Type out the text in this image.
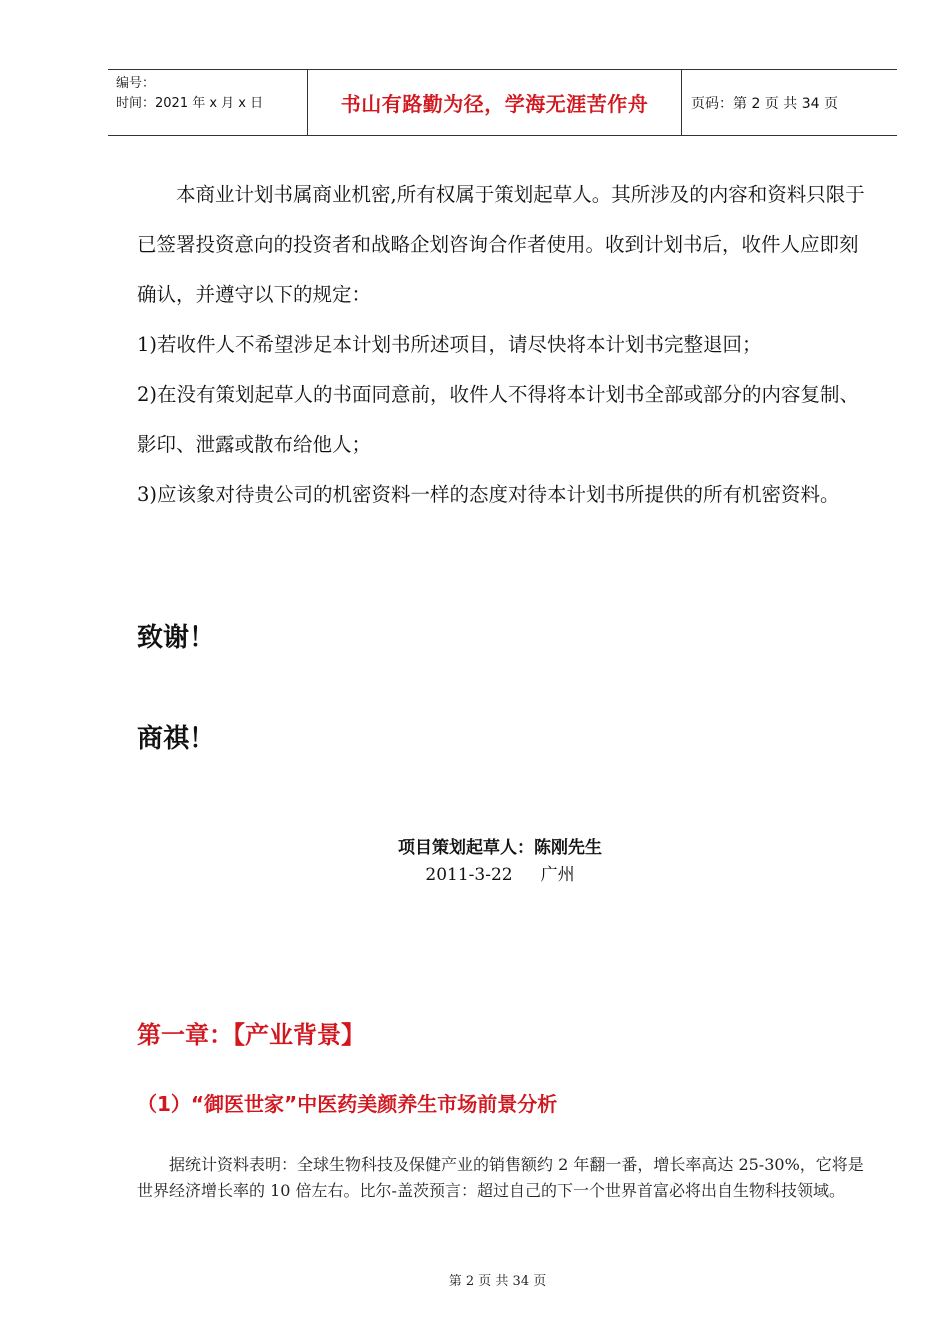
编号：
时间：2021 年 x 月 x 日	书山有路勤为径，学海无涯苦作舟	页码：第 2 页 共 34 页

本商业计划书属商业机密,所有权属于策划起草人。其所涉及的内容和资料只限于已签署投资意向的投资者和战略企划咨询合作者使用。收到计划书后，收件人应即刻确认，并遵守以下的规定：

1)若收件人不希望涉足本计划书所述项目，请尽快将本计划书完整退回；

2)在没有策划起草人的书面同意前，收件人不得将本计划书全部或部分的内容复制、影印、泄露或散布给他人；

3)应该象对待贵公司的机密资料一样的态度对待本计划书所提供的所有机密资料。

致谢！
商祺！
项目策划起草人：陈刚先生
2011-3-22 广州
第一章：【产业背景】
（1）“御医世家”中医药美颜养生市场前景分析

据统计资料表明：全球生物科技及保健产业的销售额约 2 年翻一番，增长率高达 25-30%，它将是世界经济增长率的 10 倍左右。比尔-盖茨预言：超过自己的下一个世界首富必将出自生物科技领域。

第 2 页 共 34 页
